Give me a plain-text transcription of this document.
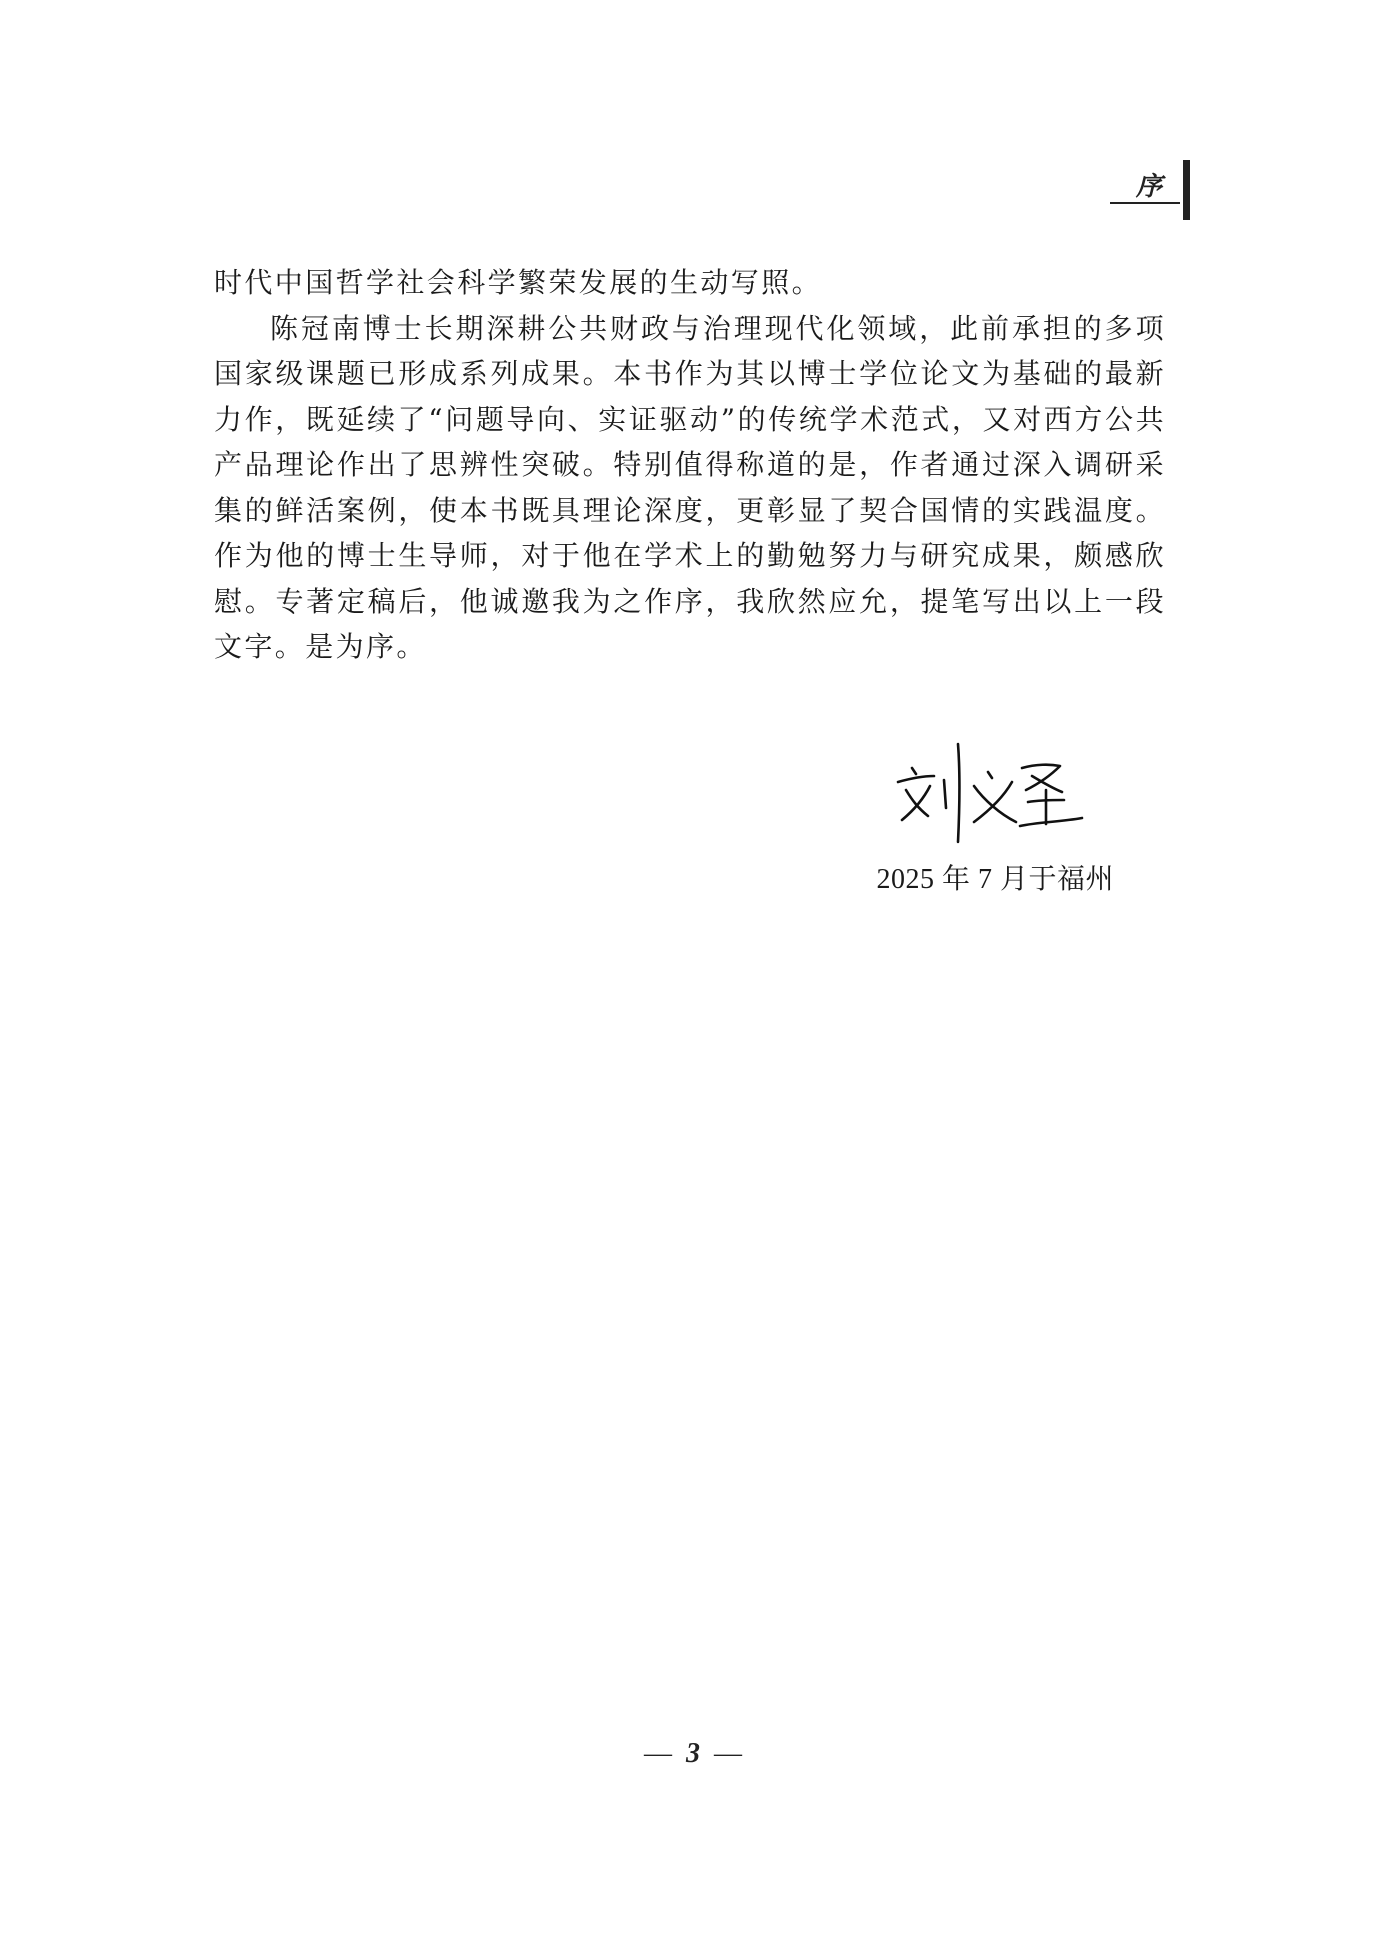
序

时代中国哲学社会科学繁荣发展的生动写照。

陈冠南博士长期深耕公共财政与治理现代化领域，此前承担的多项国家级课题已形成系列成果。本书作为其以博士学位论文为基础的最新力作，既延续了“问题导向、实证驱动”的传统学术范式，又对西方公共产品理论作出了思辨性突破。特别值得称道的是，作者通过深入调研采集的鲜活案例，使本书既具理论深度，更彰显了契合国情的实践温度。作为他的博士生导师，对于他在学术上的勤勉努力与研究成果，颇感欣慰。专著定稿后，他诚邀我为之作序，我欣然应允，提笔写出以上一段文字。是为序。

2025 年 7 月于福州
— 3 —
